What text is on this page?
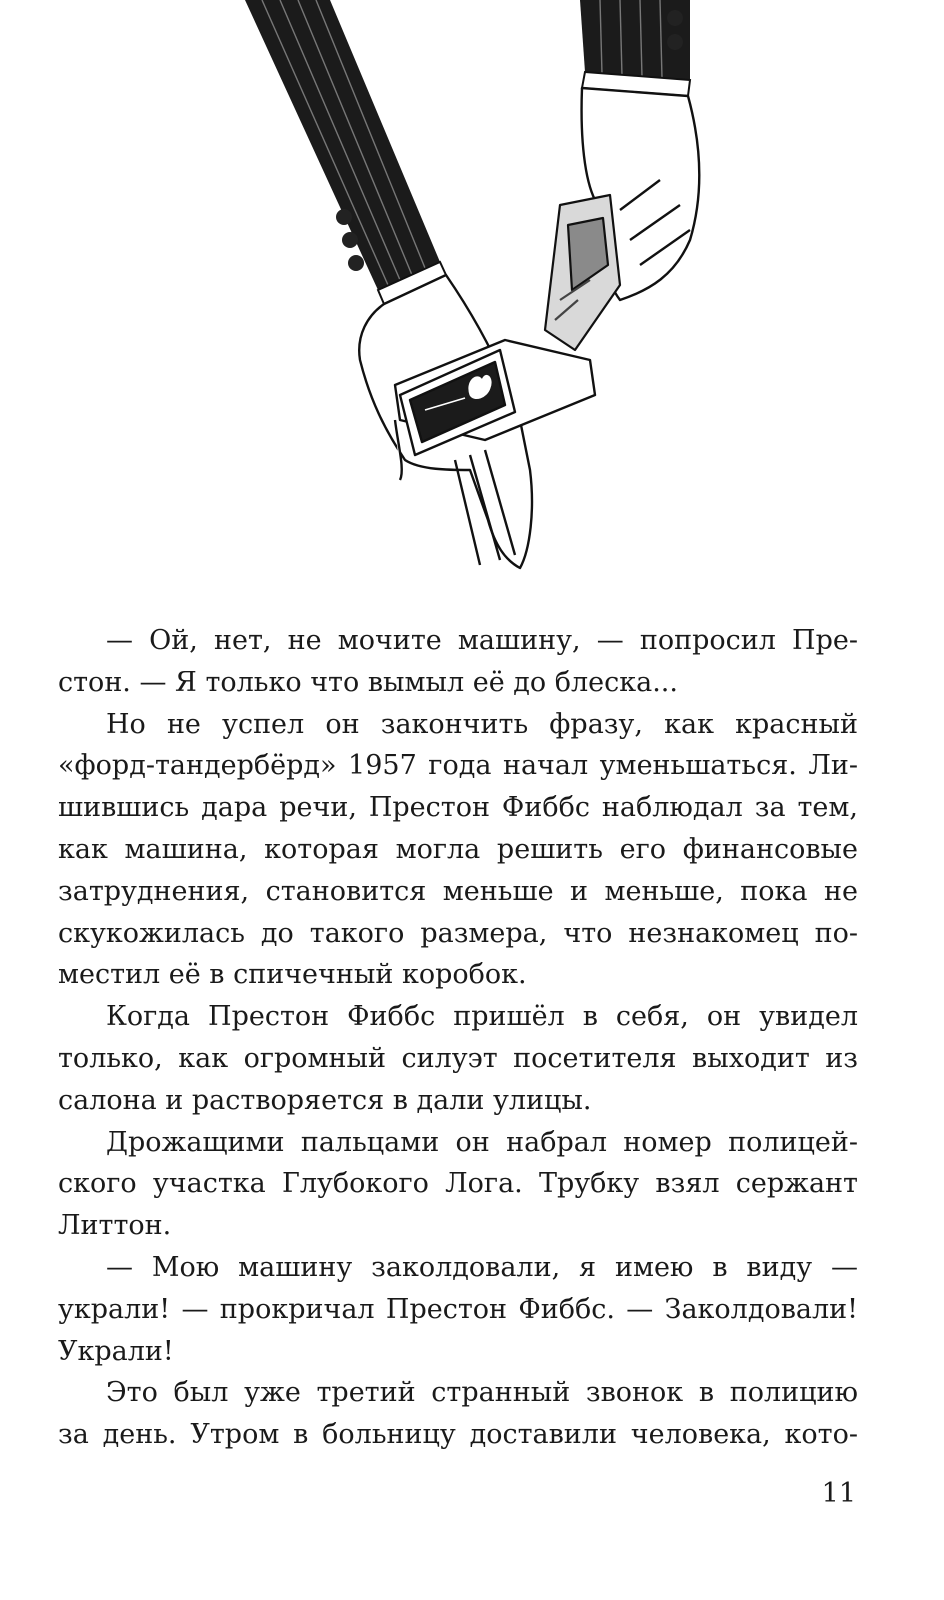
— Ой, нет, не мочите машину, — попросил Пре-
стон. — Я только что вымыл её до блеска...
Но не успел он закончить фразу, как красный
«форд-тандербёрд» 1957 года начал уменьшаться. Ли-
шившись дара речи, Престон Фиббс наблюдал за тем,
как машина, которая могла решить его финансовые
затруднения, становится меньше и меньше, пока не
скукожилась до такого размера, что незнакомец по-
местил её в спичечный коробок.
Когда Престон Фиббс пришёл в себя, он увидел
только, как огромный силуэт посетителя выходит из
салона и растворяется в дали улицы.
Дрожащими пальцами он набрал номер полицей-
ского участка Глубокого Лога. Трубку взял сержант
Литтон.
— Мою машину заколдовали, я имею в виду —
украли! — прокричал Престон Фиббс. — Заколдовали!
Украли!
Это был уже третий странный звонок в полицию
за день. Утром в больницу доставили человека, кото-
11
